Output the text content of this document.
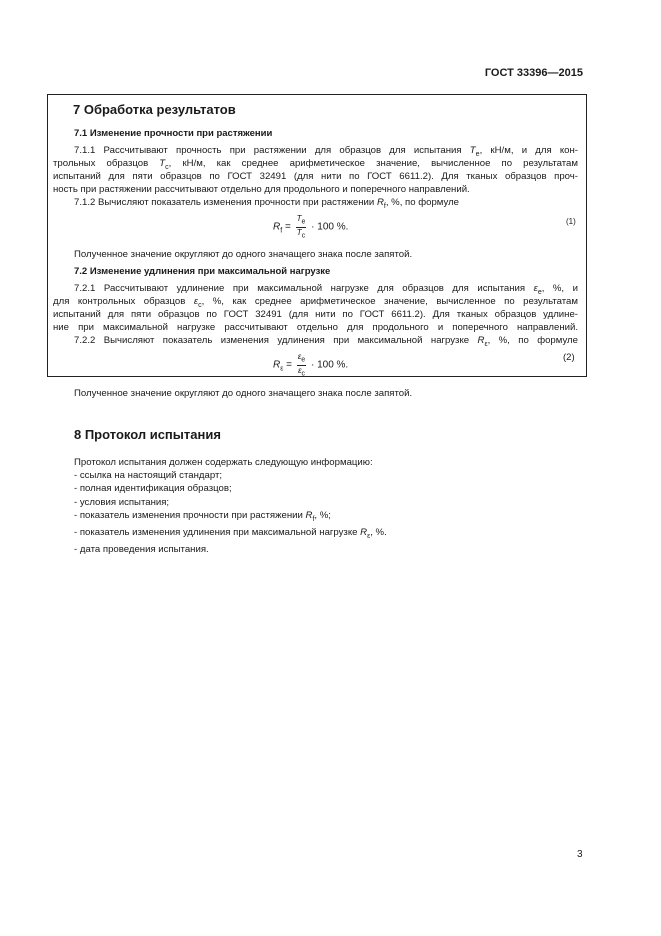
ГОСТ 33396—2015
7 Обработка результатов
7.1 Изменение прочности при растяжении
7.1.1 Рассчитывают прочность при растяжении для образцов для испытания $T_e$, кН/м, и для кон-
трольных образцов $T_c$, кН/м, как среднее арифметическое значение, вычисленное по результатам
испытаний для пяти образцов по ГОСТ 32491 (для нити по ГОСТ 6611.2). Для тканых образцов проч-
ность при растяжении рассчитывают отдельно для продольного и поперечного направлений.
7.1.2 Вычисляют показатель изменения прочности при растяжении $R_f$, %, по формуле
$R_f = \frac{T_e}{T_c} \cdot 100$ %.
(1)
Полученное значение округляют до одного значащего знака после запятой.
7.2 Изменение удлинения при максимальной нагрузке
7.2.1 Рассчитывают удлинение при максимальной нагрузке для образцов для испытания $\varepsilon_e$, %, и
для контрольных образцов $\varepsilon_c$, %, как среднее арифметическое значение, вычисленное по результатам
испытаний для пяти образцов по ГОСТ 32491 (для нити по ГОСТ 6611.2). Для тканых образцов удлине-
ние при максимальной нагрузке рассчитывают отдельно для продольного и поперечного направлений.
7.2.2 Вычисляют показатель изменения удлинения при максимальной нагрузке $R_\varepsilon$, %, по формуле
$R_\varepsilon = \frac{\varepsilon_e}{\varepsilon_c} \cdot 100$ %.
(2)
Полученное значение округляют до одного значащего знака после запятой.
8 Протокол испытания
Протокол испытания должен содержать следующую информацию:
- ссылка на настоящий стандарт;
- полная идентификация образцов;
- условия испытания;
- показатель изменения прочности при растяжении $R_f$, %;
- показатель изменения удлинения при максимальной нагрузке $R_\varepsilon$, %.
- дата проведения испытания.
3
